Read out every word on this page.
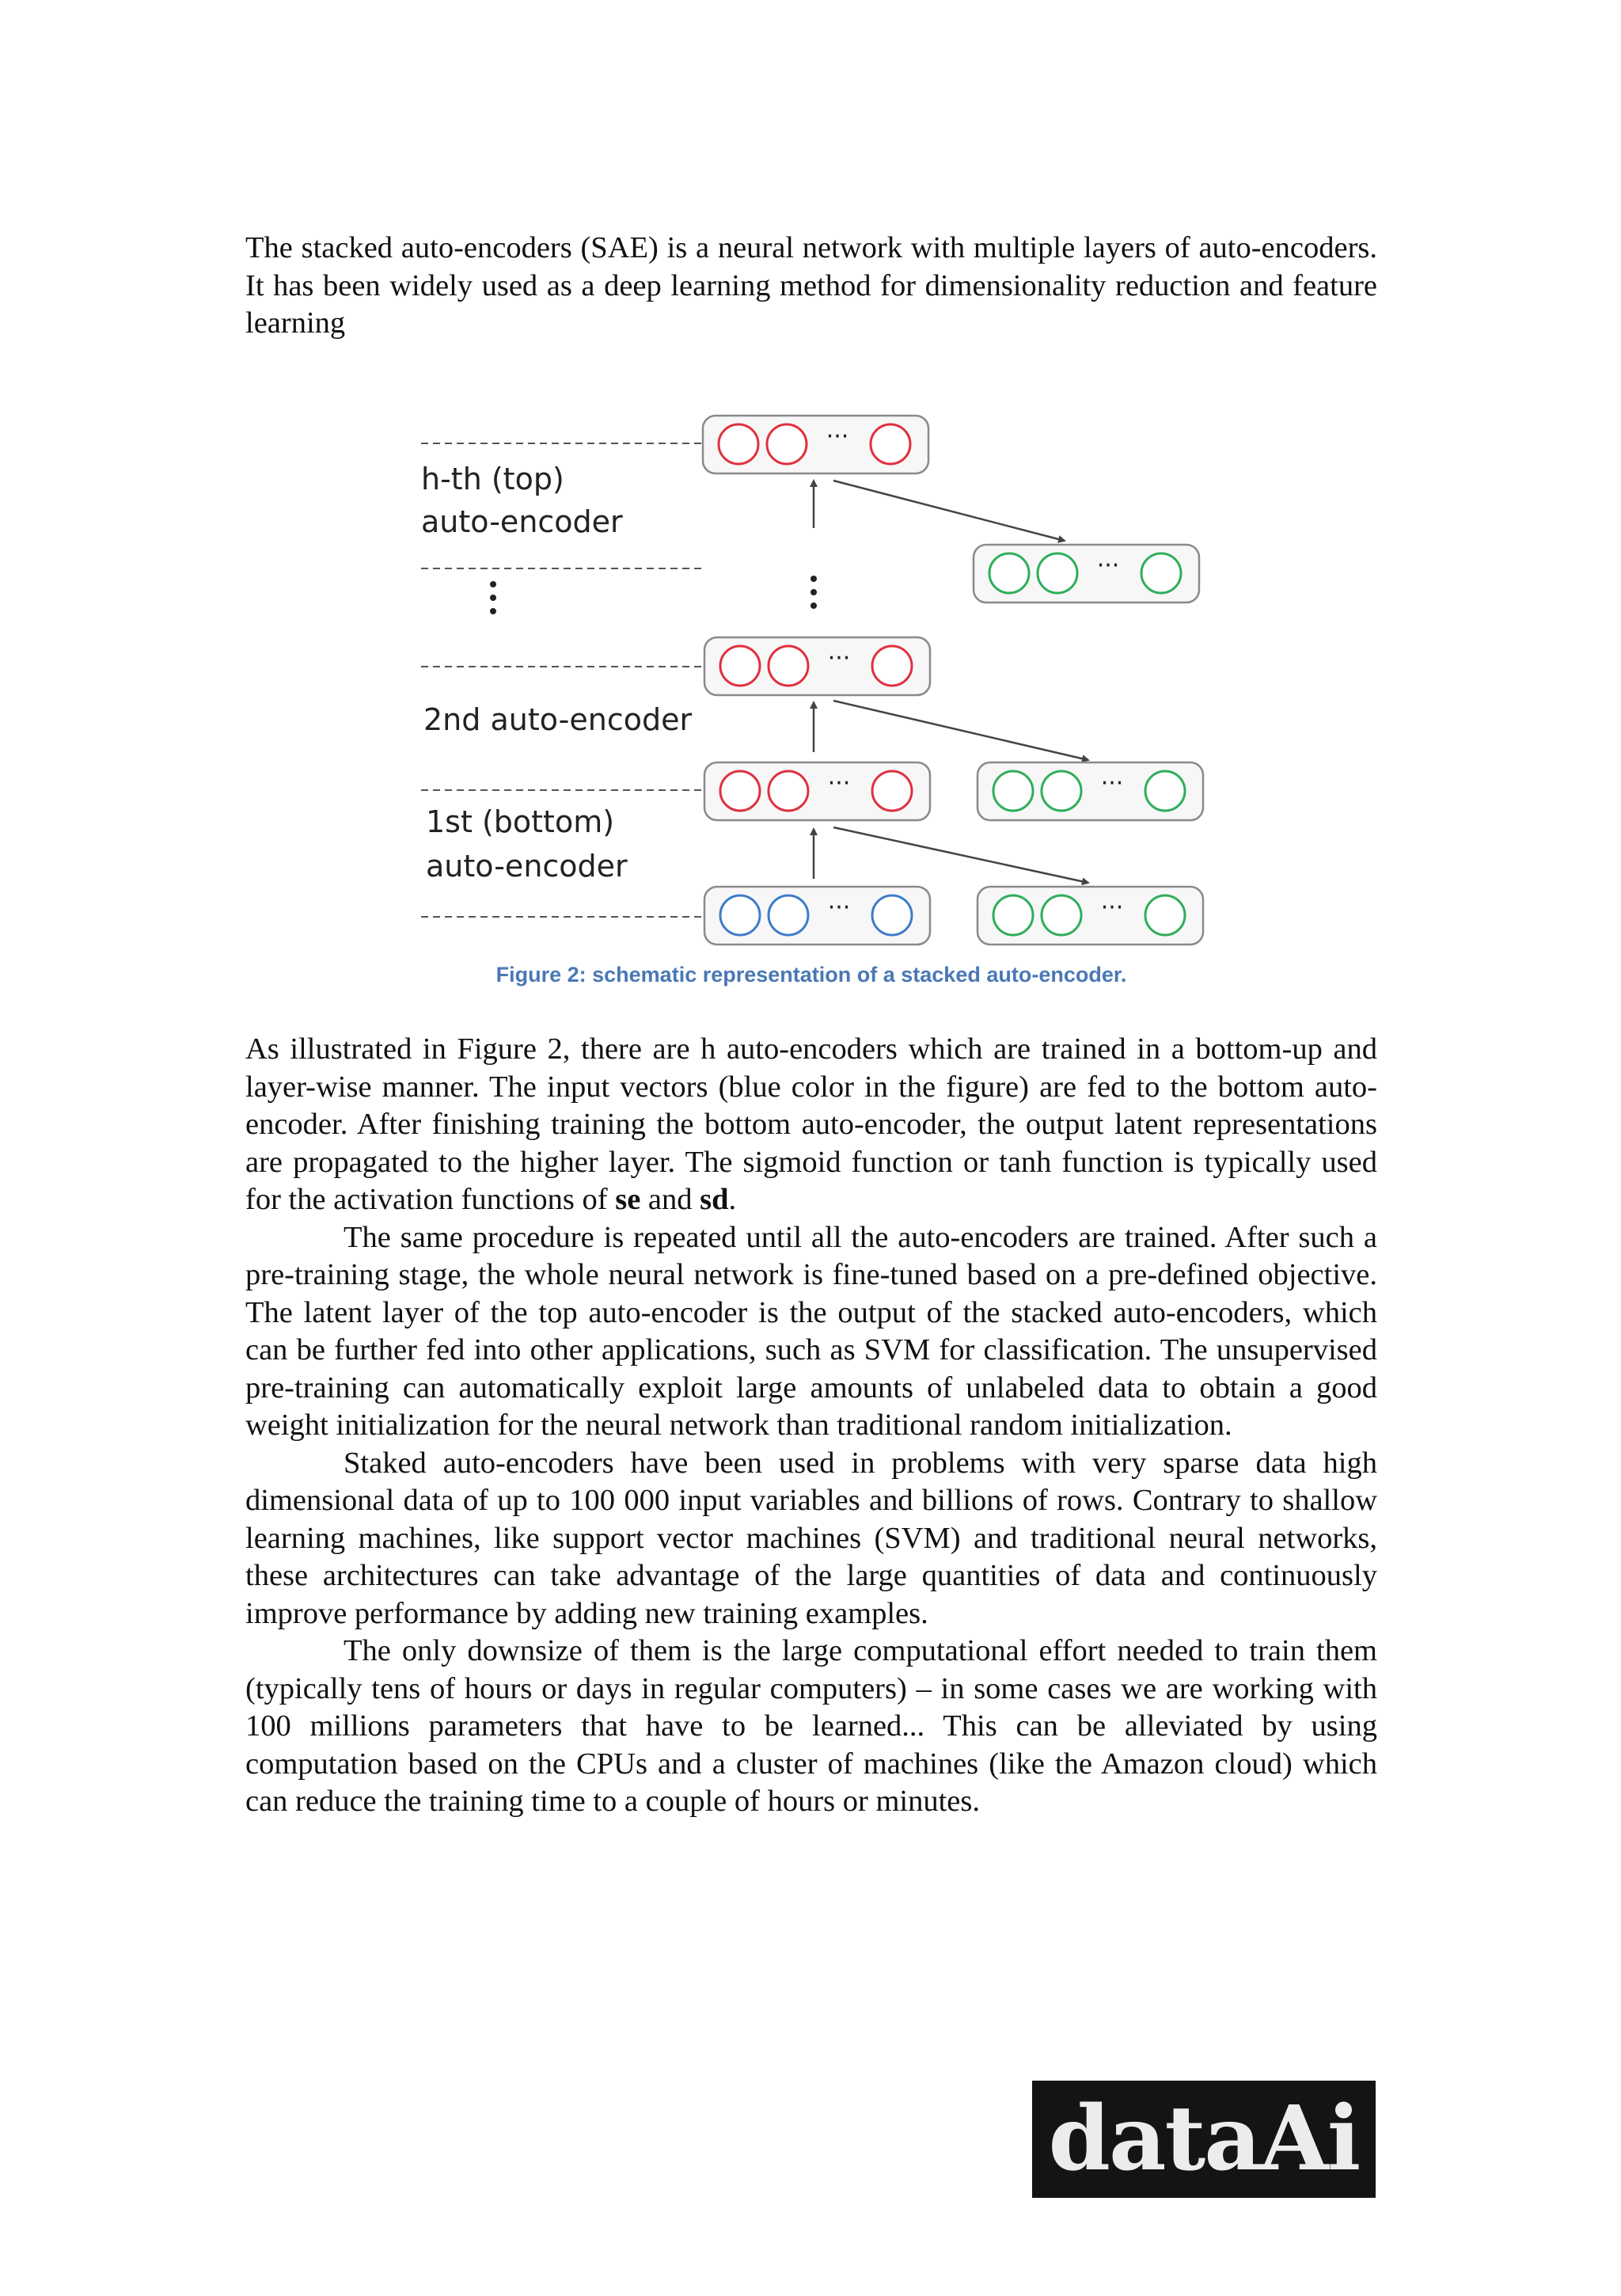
The stacked auto-encoders (SAE) is a neural network with multiple layers of auto-encoders. It has been widely used as a deep learning method for dimensionality reduction and feature learning

h-th (top)
auto-encoder
2nd auto-encoder
1st (bottom)
auto-encoder
···
···
···
···
···
···
···
Figure 2: schematic representation of a stacked auto-encoder.

As illustrated in Figure 2, there are h auto-encoders which are trained in a bottom-up and layer-wise manner. The input vectors (blue color in the figure) are fed to the bottom auto-encoder. After finishing training the bottom auto-encoder, the output latent representations are propagated to the higher layer. The sigmoid function or tanh function is typically used for the activation functions of se and sd.

The same procedure is repeated until all the auto-encoders are trained. After such a pre-training stage, the whole neural network is fine-tuned based on a pre-defined objective. The latent layer of the top auto-encoder is the output of the stacked auto-encoders, which can be further fed into other applications, such as SVM for classification. The unsupervised pre-training can automatically exploit large amounts of unlabeled data to obtain a good weight initialization for the neural network than traditional random initialization.

Staked auto-encoders have been used in problems with very sparse data high dimensional data of up to 100 000 input variables and billions of rows. Contrary to shallow learning machines, like support vector machines (SVM) and traditional neural networks, these architectures can take advantage of the large quantities of data and continuously improve performance by adding new training examples.

The only downsize of them is the large computational effort needed to train them (typically tens of hours or days in regular computers) – in some cases we are working with 100 millions parameters that have to be learned... This can be alleviated by using computation based on the CPUs and a cluster of machines (like the Amazon cloud) which can reduce the training time to a couple of hours or minutes.

dataAi
